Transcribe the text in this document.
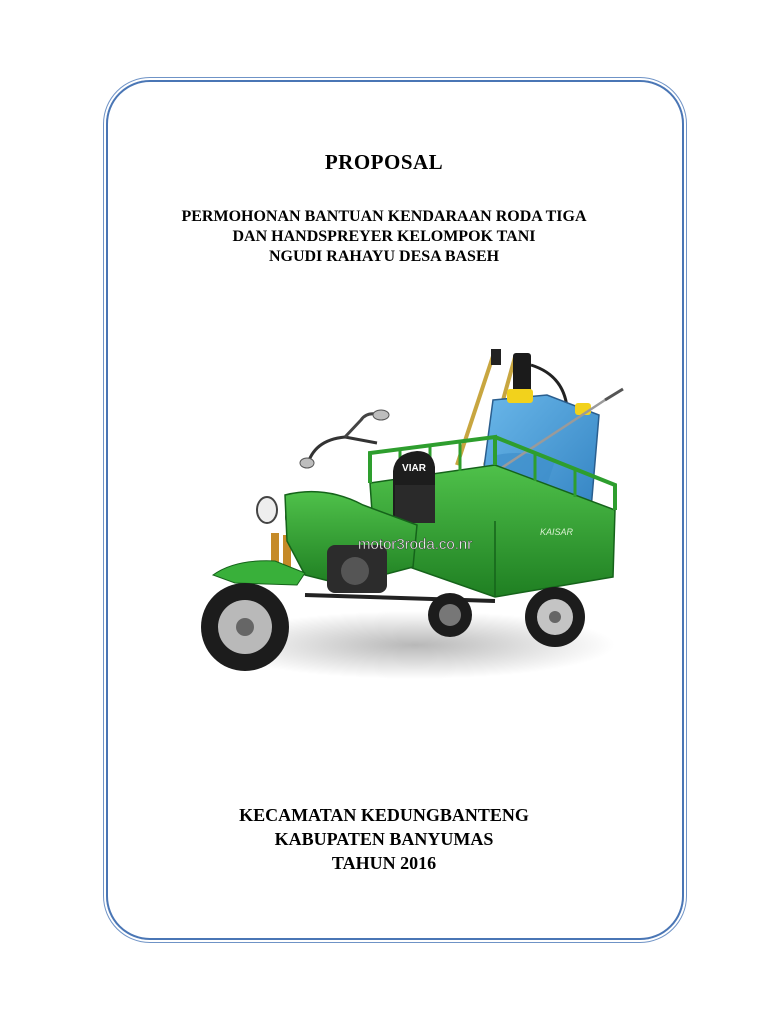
PROPOSAL
PERMOHONAN BANTUAN KENDARAAN RODA TIGA
DAN HANDSPREYER KELOMPOK TANI
NGUDI RAHAYU DESA BASEH
KAISAR
VIAR
motor3roda.co.nr
KECAMATAN KEDUNGBANTENG
KABUPATEN BANYUMAS
TAHUN 2016
